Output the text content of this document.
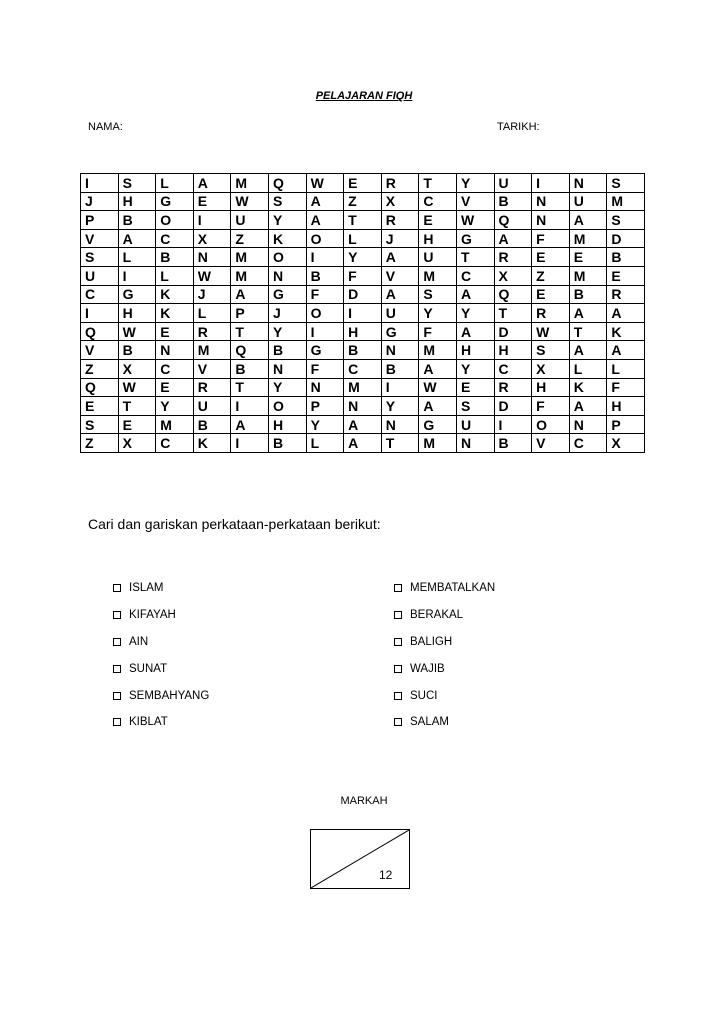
PELAJARAN FIQH
NAMA:	TARIKH:
I	S	L	A	M	Q	W	E	R	T	Y	U	I	N	S
J	H	G	E	W	S	A	Z	X	C	V	B	N	U	M
P	B	O	I	U	Y	A	T	R	E	W	Q	N	A	S
V	A	C	X	Z	K	O	L	J	H	G	A	F	M	D
S	L	B	N	M	O	I	Y	A	U	T	R	E	E	B
U	I	L	W	M	N	B	F	V	M	C	X	Z	M	E
C	G	K	J	A	G	F	D	A	S	A	Q	E	B	R
I	H	K	L	P	J	O	I	U	Y	Y	T	R	A	A
Q	W	E	R	T	Y	I	H	G	F	A	D	W	T	K
V	B	N	M	Q	B	G	B	N	M	H	H	S	A	A
Z	X	C	V	B	N	F	C	B	A	Y	C	X	L	L
Q	W	E	R	T	Y	N	M	I	W	E	R	H	K	F
E	T	Y	U	I	O	P	N	Y	A	S	D	F	A	H
S	E	M	B	A	H	Y	A	N	G	U	I	O	N	P
Z	X	C	K	I	B	L	A	T	M	N	B	V	C	X
Cari dan gariskan perkataan-perkataan berikut:
ISLAM
KIFAYAH
AIN
SUNAT
SEMBAHYANG
KIBLAT
MEMBATALKAN
BERAKAL
BALIGH
WAJIB
SUCI
SALAM
MARKAH
12
